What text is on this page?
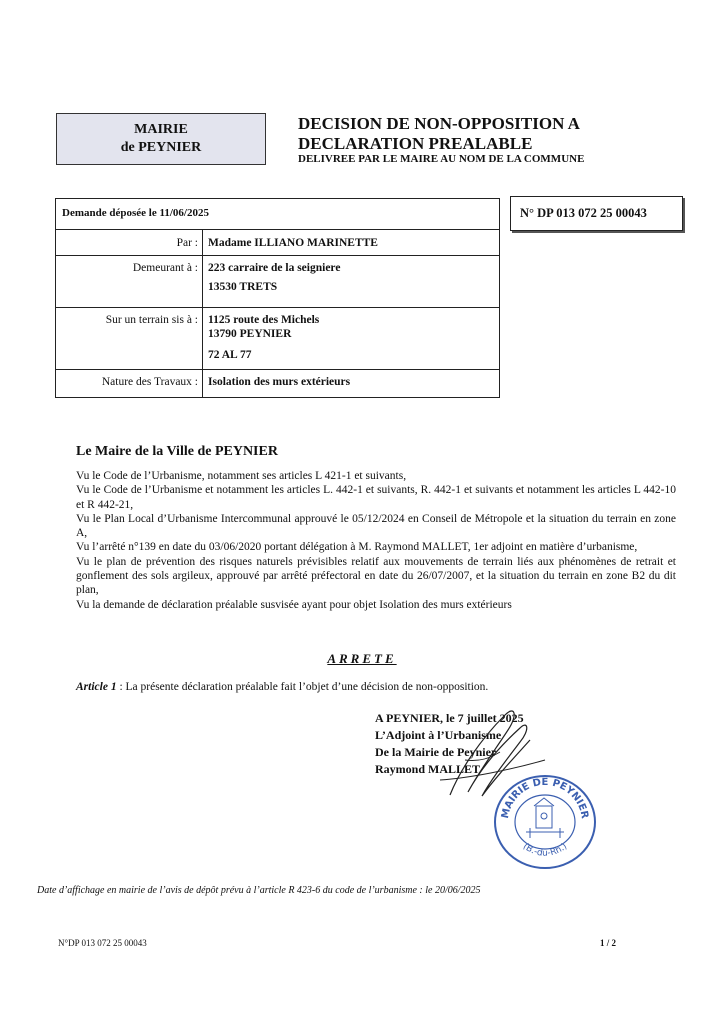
MAIRIE
de PEYNIER
DECISION DE NON-OPPOSITION A
DECLARATION PREALABLE
DELIVREE PAR LE MAIRE AU NOM DE LA COMMUNE
N° DP 013 072 25 00043
Demande déposée le 11/06/2025
Par : Madame ILLIANO MARINETTE
Demeurant à : 223 carraire de la seigniere
13530 TRETS
Sur un terrain sis à : 1125 route des Michels
13790 PEYNIER
72 AL 77
Nature des Travaux : Isolation des murs extérieurs
Le Maire de la Ville de PEYNIER

Vu le Code de l’Urbanisme, notamment ses articles L 421-1 et suivants,

Vu le Code de l’Urbanisme et notamment les articles L. 442-1 et suivants, R. 442-1 et suivants et notamment les articles L 442-10 et R 442-21,

Vu le Plan Local d’Urbanisme Intercommunal approuvé le 05/12/2024 en Conseil de Métropole et la situation du terrain en zone A,

Vu l’arrêté n°139 en date du 03/06/2020 portant délégation à M. Raymond MALLET, 1er adjoint en matière d’urbanisme,

Vu le plan de prévention des risques naturels prévisibles relatif aux mouvements de terrain liés aux phénomènes de retrait et gonflement des sols argileux, approuvé par arrêté préfectoral en date du 26/07/2007, et la situation du terrain en zone B2 du dit plan,

Vu la demande de déclaration préalable susvisée ayant pour objet Isolation des murs extérieurs

ARRETE
Article 1 : La présente déclaration préalable fait l’objet d’une décision de non-opposition.
A PEYNIER, le 7 juillet 2025
L’Adjoint à l’Urbanisme
De la Mairie de Peynier
Raymond MALLET
MAIRIE DE PEYNIER
(B.-du-Rh.)
Date d’affichage en mairie de l’avis de dépôt prévu à l’article R 423-6 du code de l’urbanisme : le 20/06/2025
N°DP 013 072 25 00043	1 / 2
